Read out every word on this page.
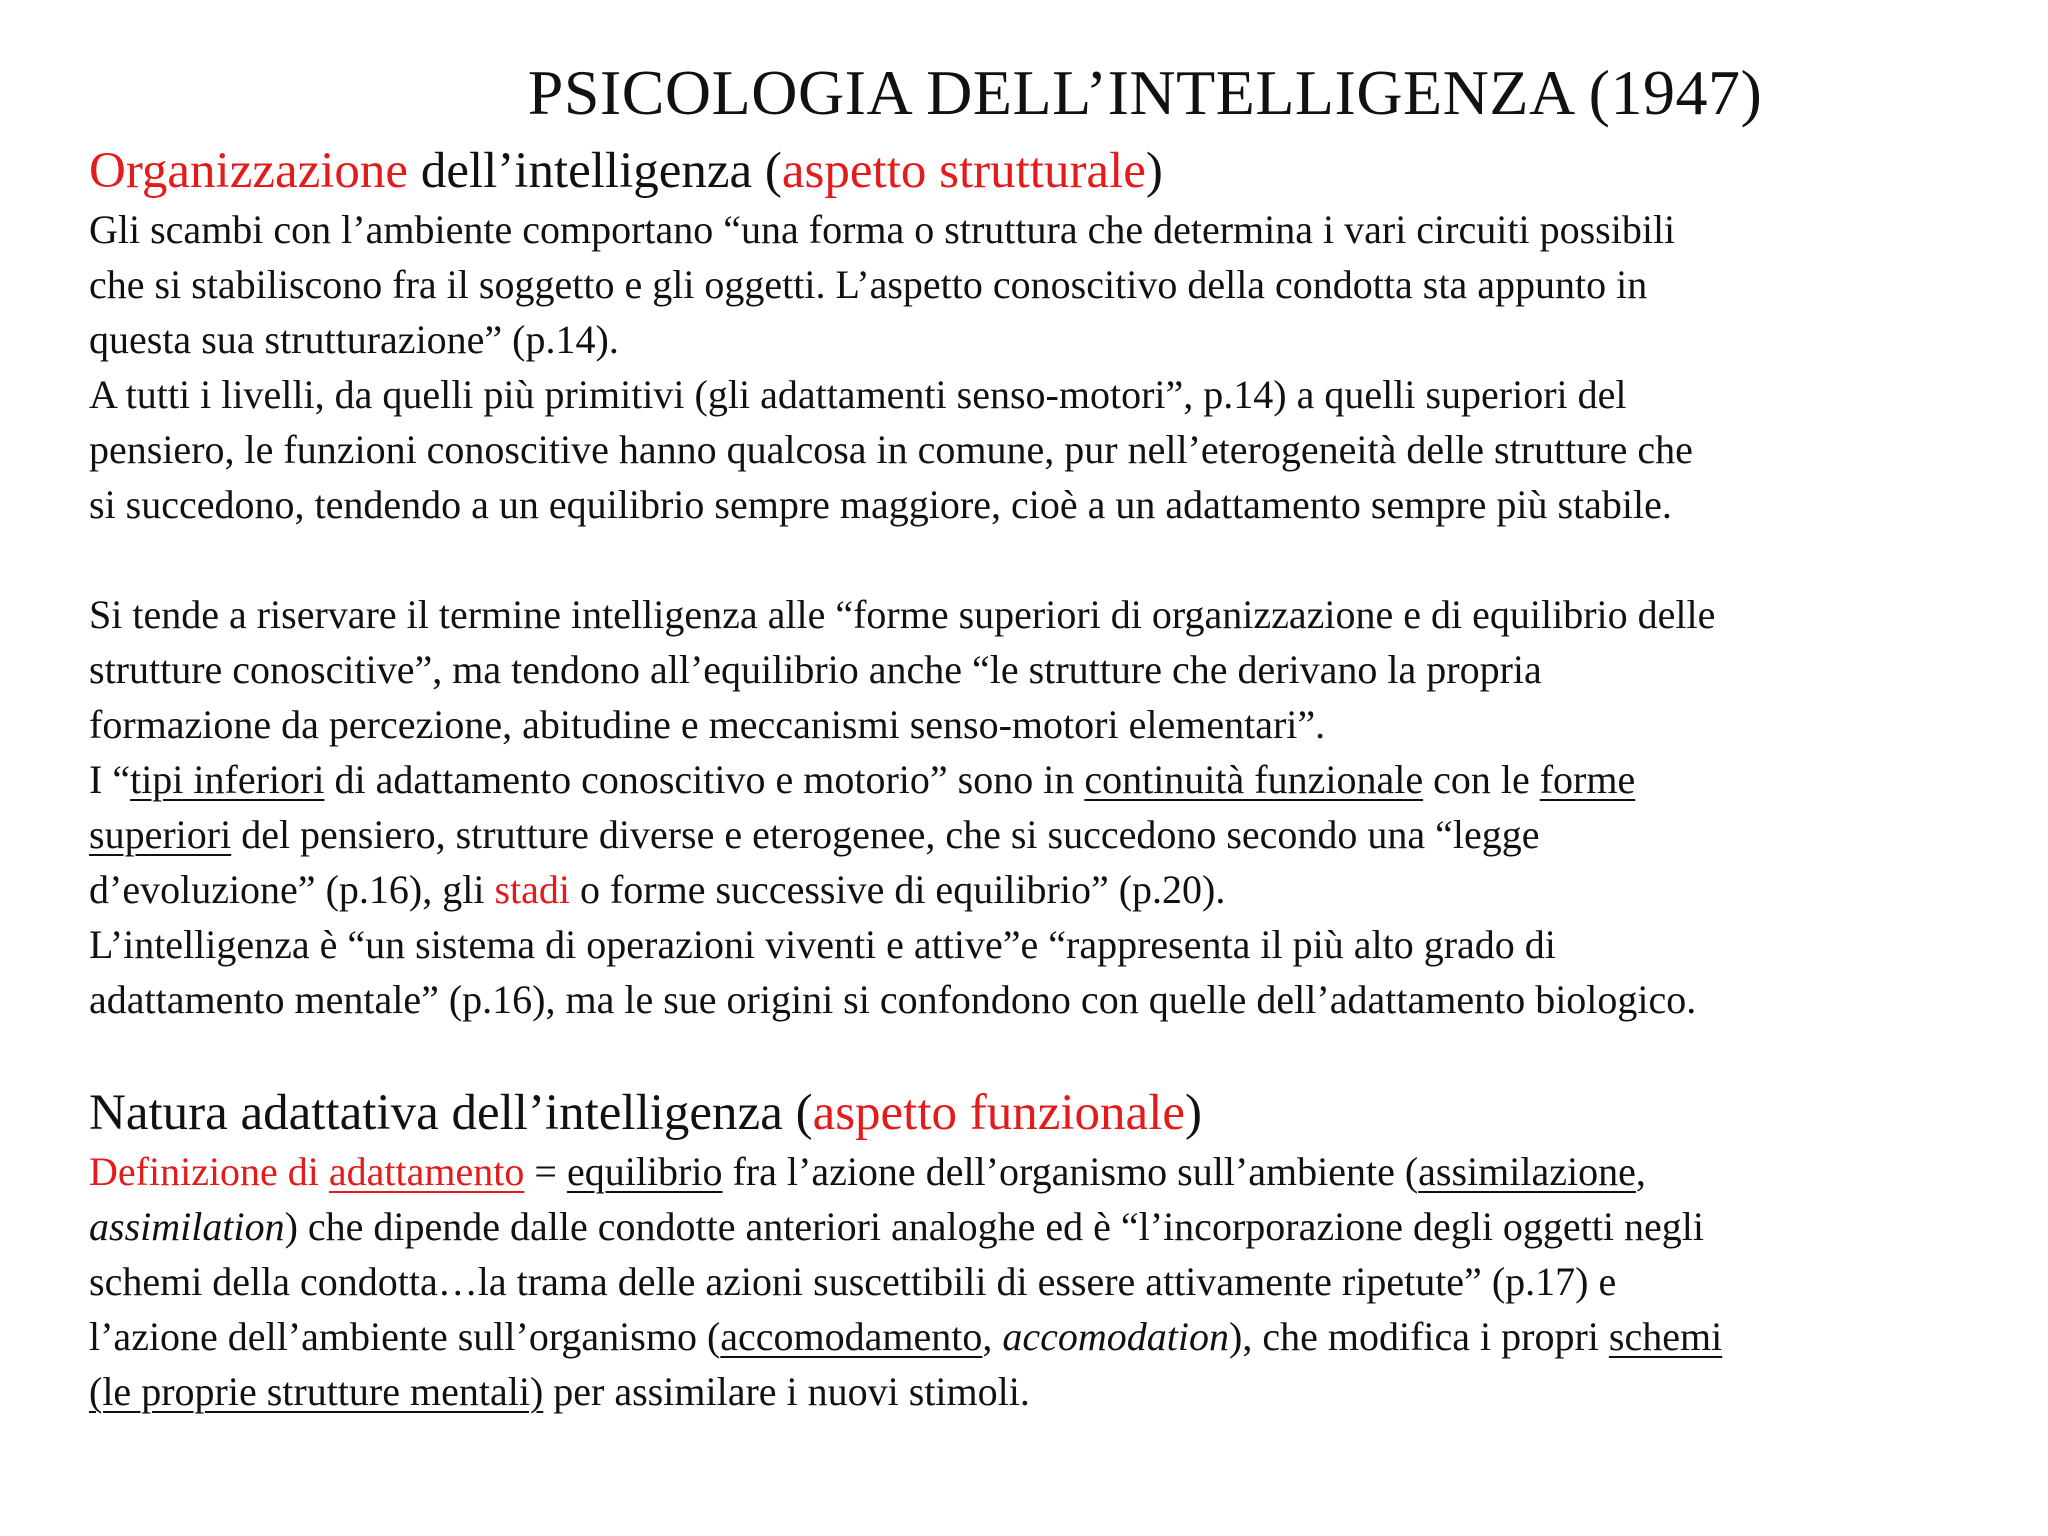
PSICOLOGIA DELL’INTELLIGENZA (1947)
Organizzazione dell’intelligenza (aspetto strutturale)
Gli scambi con l’ambiente comportano “una forma o struttura che determina i vari circuiti possibili
che si stabiliscono fra il soggetto e gli oggetti. L’aspetto conoscitivo della condotta sta appunto in
questa sua strutturazione” (p.14).
A tutti i livelli, da quelli più primitivi (gli adattamenti senso-motori”, p.14) a quelli superiori del
pensiero, le funzioni conoscitive hanno qualcosa in comune, pur nell’eterogeneità delle strutture che
si succedono, tendendo a un equilibrio sempre maggiore, cioè a un adattamento sempre più stabile.
Si tende a riservare il termine intelligenza alle “forme superiori di organizzazione e di equilibrio delle
strutture conoscitive”, ma tendono all’equilibrio anche “le strutture che derivano la propria
formazione da percezione, abitudine e meccanismi senso-motori elementari”.
I “tipi inferiori di adattamento conoscitivo e motorio” sono in continuità funzionale con le forme
superiori del pensiero, strutture diverse e eterogenee, che si succedono secondo una “legge
d’evoluzione” (p.16), gli stadi o forme successive di equilibrio” (p.20).
L’intelligenza è “un sistema di operazioni viventi e attive”e “rappresenta il più alto grado di
adattamento mentale” (p.16), ma le sue origini si confondono con quelle dell’adattamento biologico.
Natura adattativa dell’intelligenza (aspetto funzionale)
Definizione di adattamento = equilibrio fra l’azione dell’organismo sull’ambiente (assimilazione,
assimilation) che dipende dalle condotte anteriori analoghe ed è “l’incorporazione degli oggetti negli
schemi della condotta…la trama delle azioni suscettibili di essere attivamente ripetute” (p.17) e
l’azione dell’ambiente sull’organismo (accomodamento, accomodation), che modifica i propri schemi
(le proprie strutture mentali) per assimilare i nuovi stimoli.
